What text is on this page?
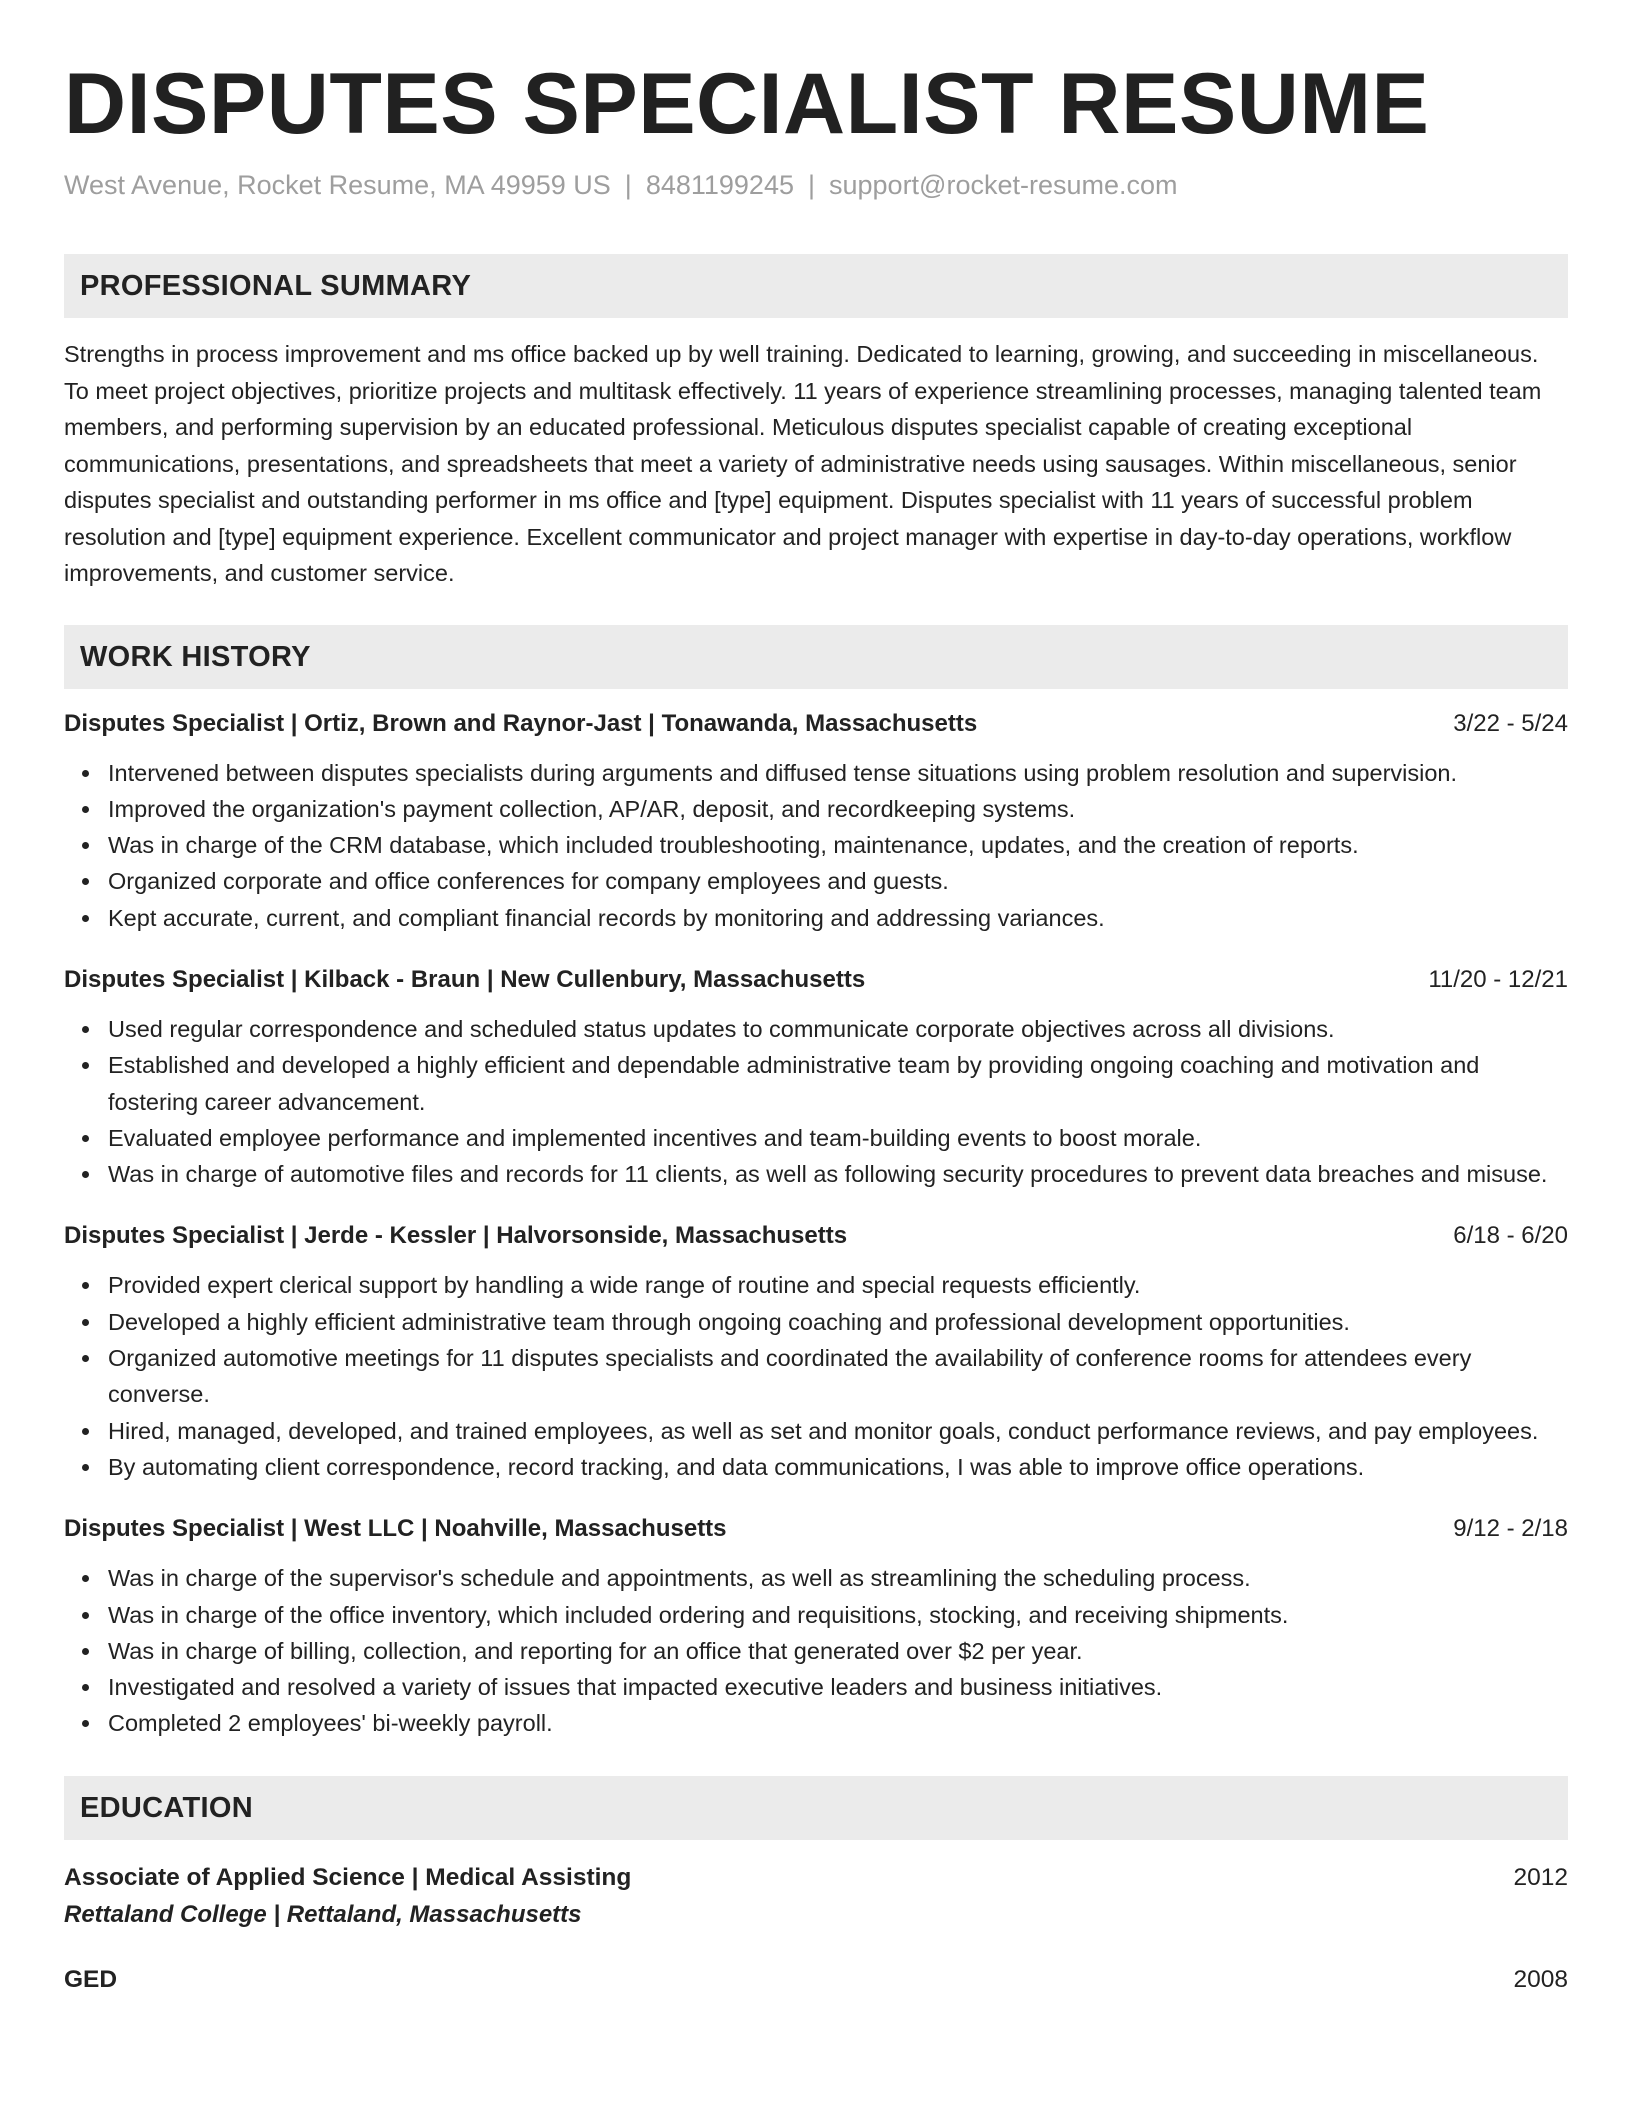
DISPUTES SPECIALIST RESUME
West Avenue, Rocket Resume, MA 49959 US | 8481199245 | support@rocket-resume.com
PROFESSIONAL SUMMARY

Strengths in process improvement and ms office backed up by well training. Dedicated to learning, growing, and succeeding in miscellaneous. To meet project objectives, prioritize projects and multitask effectively. 11 years of experience streamlining processes, managing talented team members, and performing supervision by an educated professional. Meticulous disputes specialist capable of creating exceptional communications, presentations, and spreadsheets that meet a variety of administrative needs using sausages. Within miscellaneous, senior disputes specialist and outstanding performer in ms office and [type] equipment. Disputes specialist with 11 years of successful problem resolution and [type] equipment experience. Excellent communicator and project manager with expertise in day-to-day operations, workflow improvements, and customer service.

WORK HISTORY
Disputes Specialist | Ortiz, Brown and Raynor-Jast | Tonawanda, Massachusetts	3/22 - 5/24
Intervened between disputes specialists during arguments and diffused tense situations using problem resolution and supervision.
Improved the organization's payment collection, AP/AR, deposit, and recordkeeping systems.
Was in charge of the CRM database, which included troubleshooting, maintenance, updates, and the creation of reports.
Organized corporate and office conferences for company employees and guests.
Kept accurate, current, and compliant financial records by monitoring and addressing variances.
Disputes Specialist | Kilback - Braun | New Cullenbury, Massachusetts	11/20 - 12/21
Used regular correspondence and scheduled status updates to communicate corporate objectives across all divisions.
Established and developed a highly efficient and dependable administrative team by providing ongoing coaching and motivation and fostering career advancement.
Evaluated employee performance and implemented incentives and team-building events to boost morale.
Was in charge of automotive files and records for 11 clients, as well as following security procedures to prevent data breaches and misuse.
Disputes Specialist | Jerde - Kessler | Halvorsonside, Massachusetts	6/18 - 6/20
Provided expert clerical support by handling a wide range of routine and special requests efficiently.
Developed a highly efficient administrative team through ongoing coaching and professional development opportunities.
Organized automotive meetings for 11 disputes specialists and coordinated the availability of conference rooms for attendees every converse.
Hired, managed, developed, and trained employees, as well as set and monitor goals, conduct performance reviews, and pay employees.
By automating client correspondence, record tracking, and data communications, I was able to improve office operations.
Disputes Specialist | West LLC | Noahville, Massachusetts	9/12 - 2/18
Was in charge of the supervisor's schedule and appointments, as well as streamlining the scheduling process.
Was in charge of the office inventory, which included ordering and requisitions, stocking, and receiving shipments.
Was in charge of billing, collection, and reporting for an office that generated over $2 per year.
Investigated and resolved a variety of issues that impacted executive leaders and business initiatives.
Completed 2 employees' bi-weekly payroll.
EDUCATION
Associate of Applied Science | Medical Assisting	2012
Rettaland College | Rettaland, Massachusetts
GED	2008
